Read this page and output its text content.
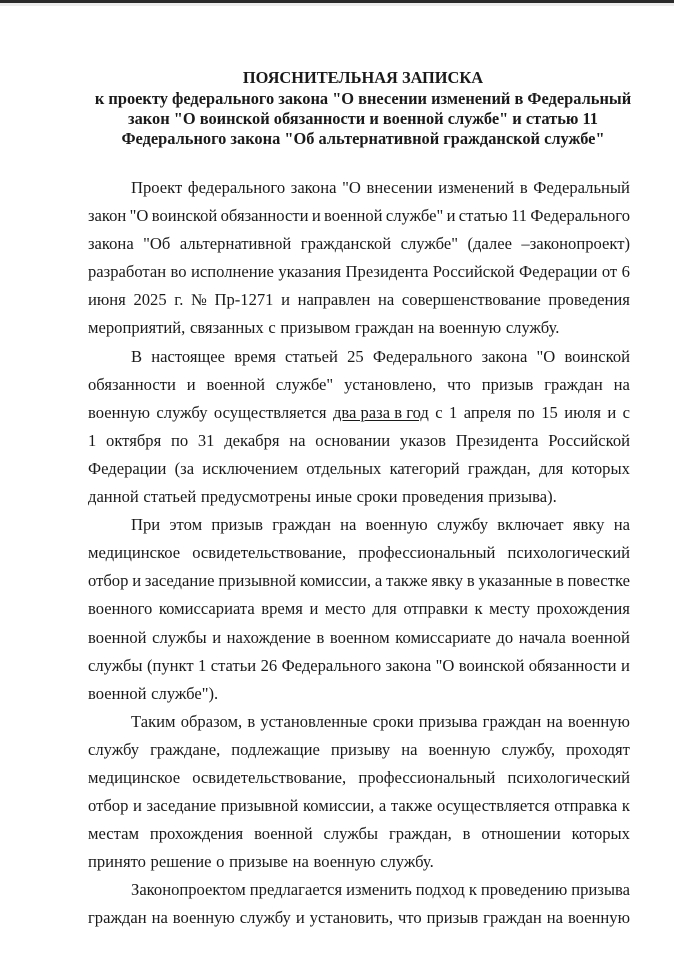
ПОЯСНИТЕЛЬНАЯ ЗАПИСКА
к проекту федерального закона "О внесении изменений в Федеральный
закон "О воинской обязанности и военной службе" и статью 11
Федерального закона "Об альтернативной гражданской службе"
Проект федерального закона "О внесении изменений в Федеральный
закон "О воинской обязанности и военной службе" и статью 11 Федерального
закона "Об альтернативной гражданской службе" (далее –законопроект)
разработан во исполнение указания Президента Российской Федерации от 6
июня 2025 г. № Пр-1271 и направлен на совершенствование проведения
мероприятий, связанных с призывом граждан на военную службу.
В настоящее время статьей 25 Федерального закона "О воинской
обязанности и военной службе" установлено, что призыв граждан на
военную службу осуществляется два раза в год с 1 апреля по 15 июля и с
1 октября по 31 декабря на основании указов Президента Российской
Федерации (за исключением отдельных категорий граждан, для которых
данной статьей предусмотрены иные сроки проведения призыва).
При этом призыв граждан на военную службу включает явку на
медицинское освидетельствование, профессиональный психологический
отбор и заседание призывной комиссии, а также явку в указанные в повестке
военного комиссариата время и место для отправки к месту прохождения
военной службы и нахождение в военном комиссариате до начала военной
службы (пункт 1 статьи 26 Федерального закона "О воинской обязанности и
военной службе").
Таким образом, в установленные сроки призыва граждан на военную
службу граждане, подлежащие призыву на военную службу, проходят
медицинское освидетельствование, профессиональный психологический
отбор и заседание призывной комиссии, а также осуществляется отправка к
местам прохождения военной службы граждан, в отношении которых
принято решение о призыве на военную службу.
Законопроектом предлагается изменить подход к проведению призыва
граждан на военную службу и установить, что призыв граждан на военную
